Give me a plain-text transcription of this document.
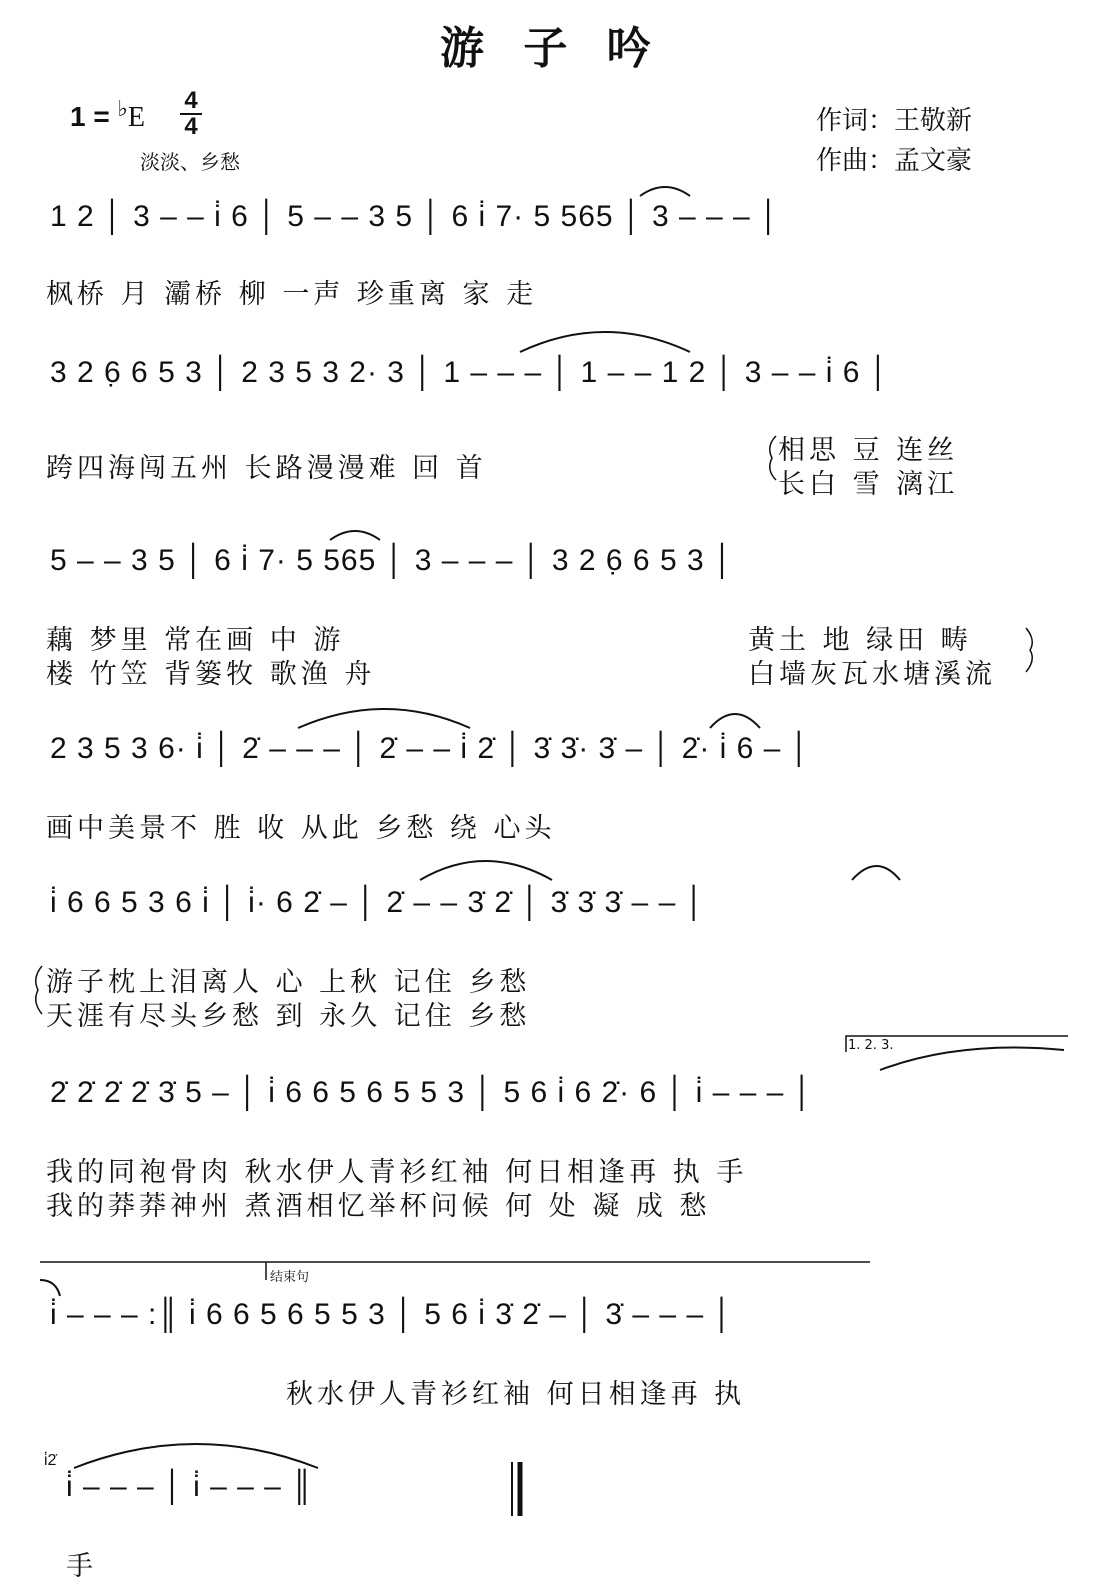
游 子 吟
1 = ♭E
4
4
淡淡、乡愁
作词：王敬新
作曲：孟文豪
1 2 │ 3 – – i̇ 6 │ 5 – – 3 5 │ 6 i̇ 7· 5 565 │ 3 – – – │
枫桥 月 灞桥 柳 一声 珍重离 家 走
3 2 6̣ 6 5 3 │ 2 3 5 3 2· 3 │ 1 – – – │ 1 – – 1 2 │ 3 – – i̇ 6 │
跨四海闯五州 长路漫漫难 回 首
相思 豆 连丝
长白 雪 漓江
5 – – 3 5 │ 6 i̇ 7· 5 565 │ 3 – – – │ 3 2 6̣ 6 5 3 │
藕 梦里 常在画 中 游
楼 竹笠 背篓牧 歌渔 舟
黄土 地 绿田 畴
白墙灰瓦水塘溪流
2 3 5 3 6· i̇ │ 2̇ – – – │ 2̇ – – i̇ 2̇ │ 3̇ 3̇· 3̇ – │ 2̇· i̇ 6 – │
画中美景不 胜 收 从此 乡愁 绕 心头
i̇ 6 6 5 3 6 i̇ │ i̇· 6 2̇ – │ 2̇ – – 3̇ 2̇ │ 3̇ 3̇ 3̇ – – │
游子枕上泪离人 心 上秋 记住 乡愁
天涯有尽头乡愁 到 永久 记住 乡愁
1. 2. 3.
2̇ 2̇ 2̇ 2̇ 3̇ 5 – │ i̇ 6 6 5 6 5 5 3 │ 5 6 i̇ 6 2̇· 6 │ i̇ – – – │
我的同袍骨肉 秋水伊人青衫红袖 何日相逢再 执 手
我的莽莽神州 煮酒相忆举杯问候 何 处 凝 成 愁
结束句
i̇ – – – :║ i̇ 6 6 5 6 5 5 3 │ 5 6 i̇ 3̇ 2̇ – │ 3̇ – – – │
秋水伊人青衫红袖 何日相逢再 执
i̇2̇
i̇ – – – │ i̇ – – – ║
手
